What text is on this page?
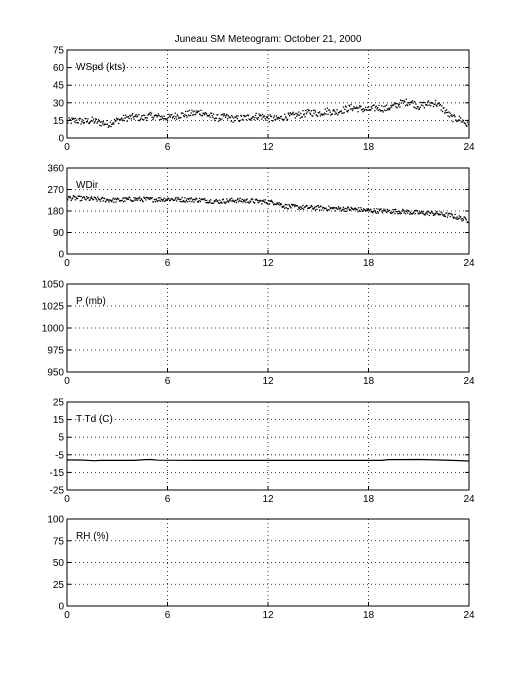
Juneau SM Meteogram: October 21, 2000
0	6	12	18	24
0
15
30
45
60
75
WSpd (kts)
0	6	12	18	24
0
90
180
270
360
WDir
0	6	12	18	24
950
975
1000
1025
1050
P (mb)
0	6	12	18	24
-25
-15
-5
5
15
25
T Td (C)
0	6	12	18	24
0
25
50
75
100
RH (%)
